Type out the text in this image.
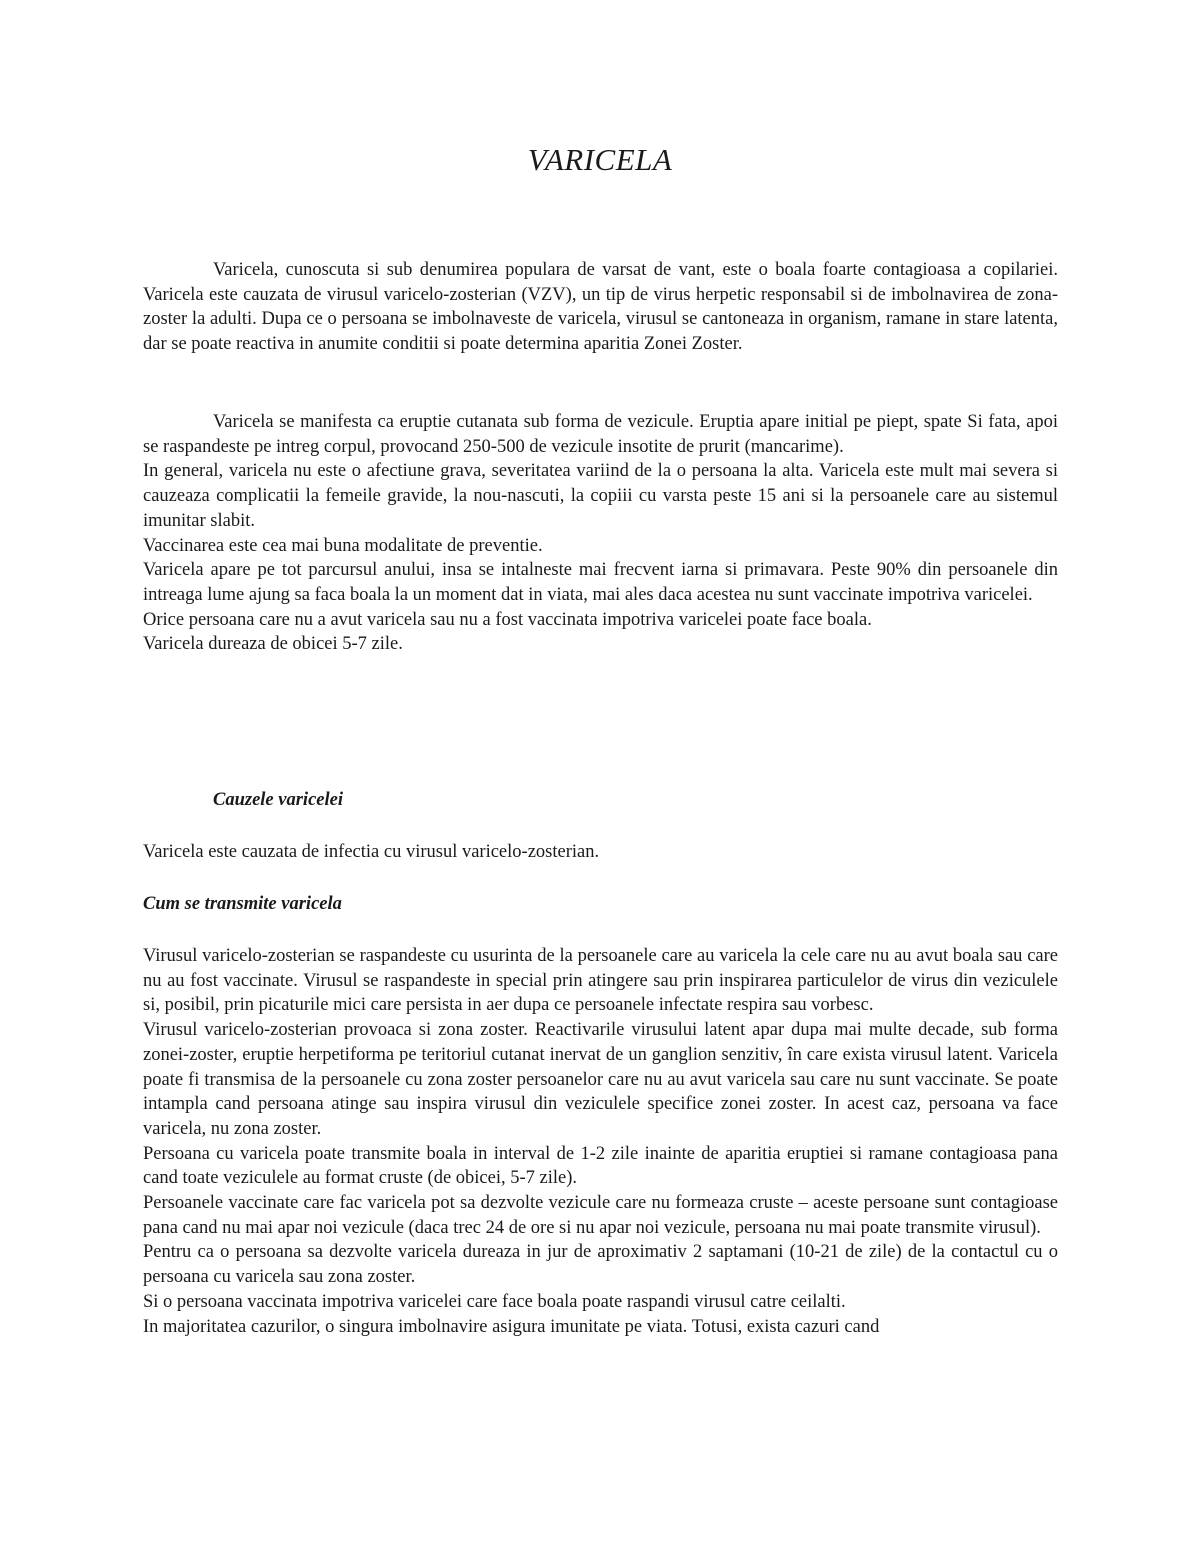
VARICELA

Varicela, cunoscuta si sub denumirea populara de varsat de vant, este o boala foarte contagioasa a copilariei. Varicela este cauzata de virusul varicelo-zosterian (VZV), un tip de virus herpetic responsabil si de imbolnavirea de zona-zoster la adulti. Dupa ce o persoana se imbolnaveste de varicela, virusul se cantoneaza in organism, ramane in stare latenta, dar se poate reactiva in anumite conditii si poate determina aparitia Zonei Zoster.

Varicela se manifesta ca eruptie cutanata sub forma de vezicule. Eruptia apare initial pe piept, spate Si fata, apoi se raspandeste pe intreg corpul, provocand 250-500 de vezicule insotite de prurit (mancarime).

In general, varicela nu este o afectiune grava, severitatea variind de la o persoana la alta. Varicela este mult mai severa si cauzeaza complicatii la femeile gravide, la nou-nascuti, la copiii cu varsta peste 15 ani si la persoanele care au sistemul imunitar slabit.

Vaccinarea este cea mai buna modalitate de preventie.

Varicela apare pe tot parcursul anului, insa se intalneste mai frecvent iarna si primavara. Peste 90% din persoanele din intreaga lume ajung sa faca boala la un moment dat in viata, mai ales daca acestea nu sunt vaccinate impotriva varicelei.

Orice persoana care nu a avut varicela sau nu a fost vaccinata impotriva varicelei poate face boala.

Varicela dureaza de obicei 5-7 zile.

Cauzele varicelei
Varicela este cauzata de infectia cu virusul varicelo-zosterian.
Cum se transmite varicela

Virusul varicelo-zosterian se raspandeste cu usurinta de la persoanele care au varicela la cele care nu au avut boala sau care nu au fost vaccinate. Virusul se raspandeste in special prin atingere sau prin inspirarea particulelor de virus din veziculele si, posibil, prin picaturile mici care persista in aer dupa ce persoanele infectate respira sau vorbesc.

Virusul varicelo-zosterian provoaca si zona zoster. Reactivarile virusului latent apar dupa mai multe decade, sub forma zonei-zoster, eruptie herpetiforma pe teritoriul cutanat inervat de un ganglion senzitiv, în care exista virusul latent. Varicela poate fi transmisa de la persoanele cu zona zoster persoanelor care nu au avut varicela sau care nu sunt vaccinate. Se poate intampla cand persoana atinge sau inspira virusul din veziculele specifice zonei zoster. In acest caz, persoana va face varicela, nu zona zoster.

Persoana cu varicela poate transmite boala in interval de 1-2 zile inainte de aparitia eruptiei si ramane contagioasa pana cand toate veziculele au format cruste (de obicei, 5-7 zile).

Persoanele vaccinate care fac varicela pot sa dezvolte vezicule care nu formeaza cruste – aceste persoane sunt contagioase pana cand nu mai apar noi vezicule (daca trec 24 de ore si nu apar noi vezicule, persoana nu mai poate transmite virusul).

Pentru ca o persoana sa dezvolte varicela dureaza in jur de aproximativ 2 saptamani (10-21 de zile) de la contactul cu o persoana cu varicela sau zona zoster.

Si o persoana vaccinata impotriva varicelei care face boala poate raspandi virusul catre ceilalti.

In majoritatea cazurilor, o singura imbolnavire asigura imunitate pe viata. Totusi, exista cazuri cand
